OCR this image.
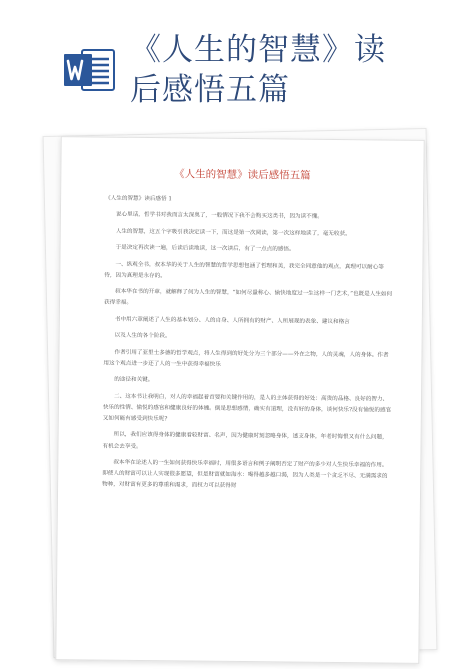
《人生的智慧》读
后感悟五篇
《人生的智慧》读后感悟五篇

《人生的智慧》读后感悟 1

说心里话，哲学书对我而言太深奥了，一般情况下我不会购买这类书，因为读不懂。

人生的智慧，这五个字吸引我决定读一下，而这是第一次阅读，第一次这样地读了，毫无收获。

于是决定再次读一遍，后读后读地读，这一次读后，有了一点点的感悟。

一、纵观全书，叔本华的关于人生的智慧的哲学思想包涵了哲理和美，我完全同意他的观点，真理可以耐心等待，因为真理是永存的。

叔本华在书的开章，就解释了何为人生的智慧，“如何尽量称心、愉快地度过一生这样一门艺术，”也既是人生如何获得幸福。

书中用六章阐述了人生的基本划分、人的自身、人所拥有的财产、人所展现的表象、建议和格言

以及人生的各个阶段。

作者引用了亚里士多德的哲学观点，将人生得到的好处分为三个部分——外在之物，人的灵魂，人的身体。作者用这个观点进一步还了人的一生中获得幸福快乐

的途径和关键。

二、这本书让我明白，对人的幸福起着首要和关键作用的，是人的主体获得的好处：高贵的品格、良好的智力、快乐的性情、愉悦的感官和健康良好的体魄。倒是思想感情，确实有道理，没有好的身体，谈何快乐?没有愉悦的感官又如何能有感受到快乐呢?

所以，我们应该得身体的健康看较财富、名声，因为健康时刻忽略身体，透支身体，年老时悔恨又有什么问题，有机会去享受。

叔本华在论述人的一生如何获得快乐幸福时，用很多语言和例子阐明否定了财产的多少对人生快乐幸福的作用。即使人的财富可以让人实现很多愿望，但是财富就如海水：喝得越多越口渴，因为人类是一个贪乏不尽、无满需求的物种，对财富有更多的尊重和渴求，而权力可以获得财
